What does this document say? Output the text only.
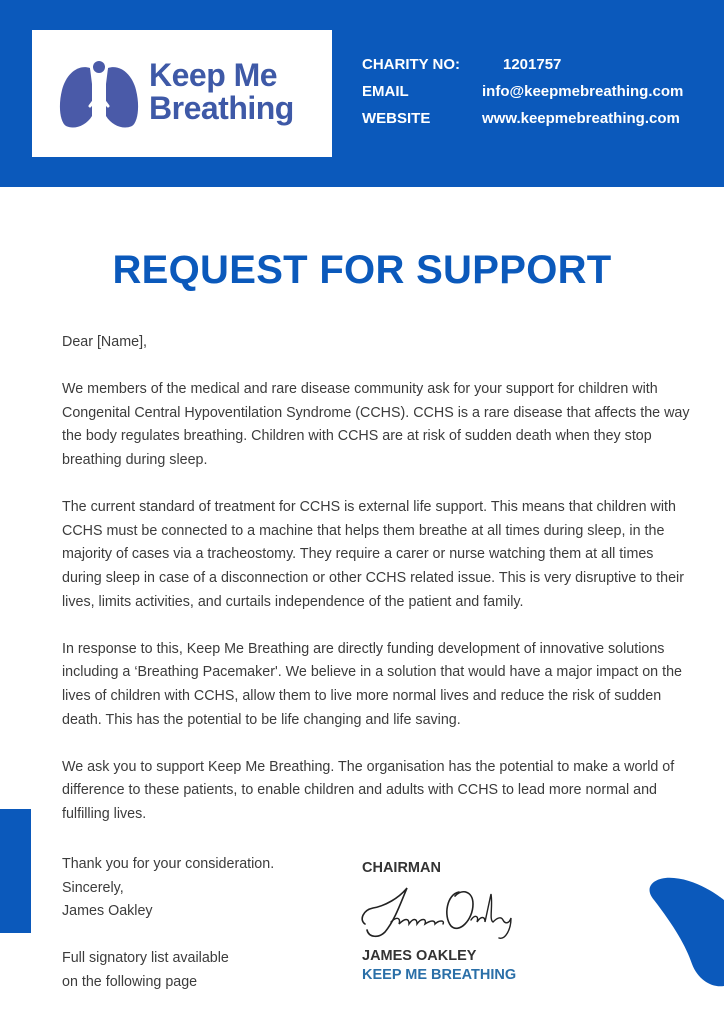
Keep Me
Breathing
CHARITY NO:	1201757
EMAIL	info@keepmebreathing.com
WEBSITE	www.keepmebreathing.com
REQUEST FOR SUPPORT

Dear [Name],

We members of the medical and rare disease community ask for your support for children with Congenital Central Hypoventilation Syndrome (CCHS). CCHS is a rare disease that affects the way the body regulates breathing. Children with CCHS are at risk of sudden death when they stop breathing during sleep.

The current standard of treatment for CCHS is external life support. This means that children with CCHS must be connected to a machine that helps them breathe at all times during sleep, in the majority of cases via a tracheostomy. They require a carer or nurse watching them at all times during sleep in case of a disconnection or other CCHS related issue. This is very disruptive to their lives, limits activities, and curtails independence of the patient and family.

In response to this, Keep Me Breathing are directly funding development of innovative solutions including a ‘Breathing Pacemaker'. We believe in a solution that would have a major impact on the lives of children with CCHS, allow them to live more normal lives and reduce the risk of sudden death. This has the potential to be life changing and life saving.

We ask you to support Keep Me Breathing. The organisation has the potential to make a world of difference to these patients, to enable children and adults with CCHS to lead more normal and fulfilling lives.

Thank you for your consideration.
Sincerely,
James Oakley
Full signatory list available
on the following page
CHAIRMAN
JAMES OAKLEY
KEEP ME BREATHING
